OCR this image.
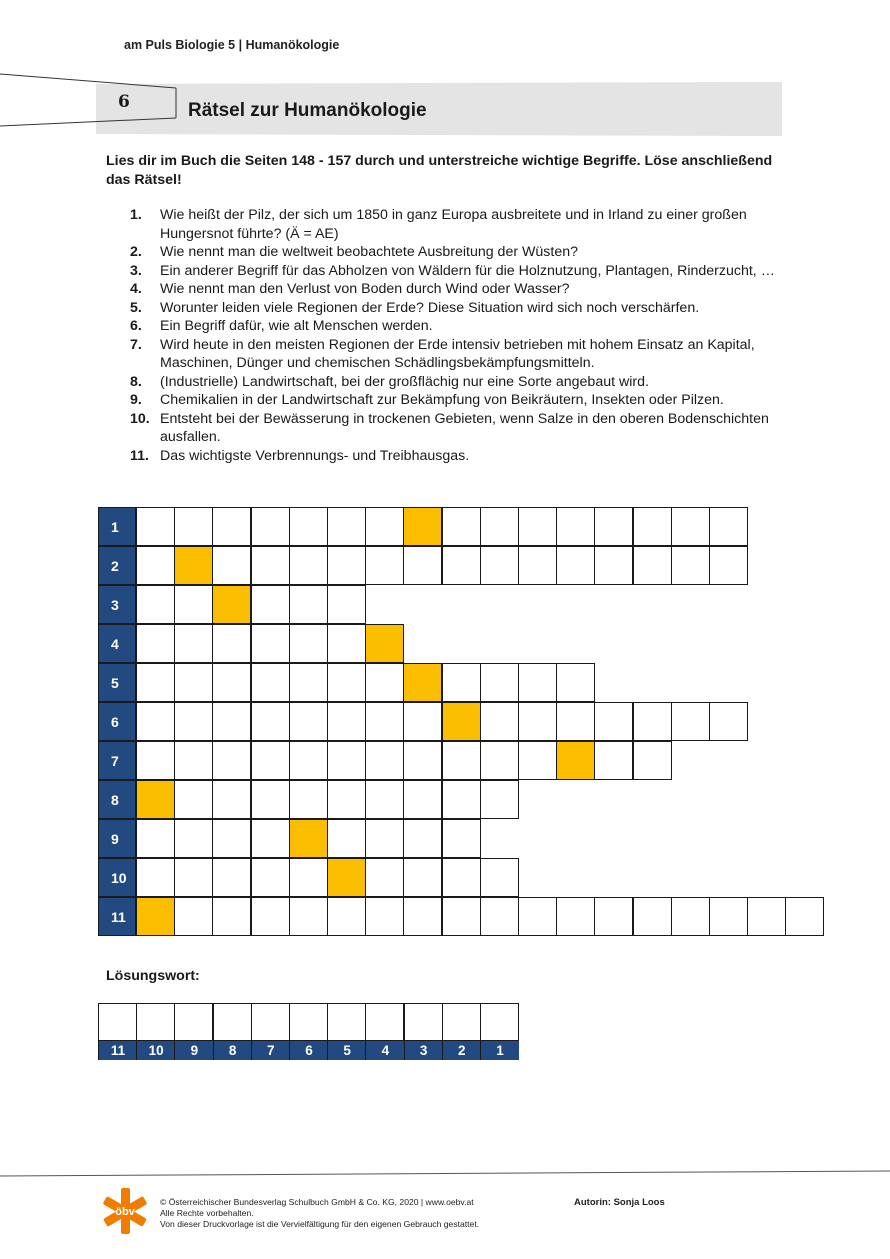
am Puls Biologie 5 | Humanökologie
6	Rätsel zur Humanökologie
Lies dir im Buch die Seiten 148 - 157 durch und unterstreiche wichtige Begriffe. Löse anschließend das Rätsel!
1. Wie heißt der Pilz, der sich um 1850 in ganz Europa ausbreitete und in Irland zu einer großen Hungersnot führte? (Ä = AE)
2. Wie nennt man die weltweit beobachtete Ausbreitung der Wüsten?
3. Ein anderer Begriff für das Abholzen von Wäldern für die Holznutzung, Plantagen, Rinderzucht, …
4. Wie nennt man den Verlust von Boden durch Wind oder Wasser?
5. Worunter leiden viele Regionen der Erde? Diese Situation wird sich noch verschärfen.
6. Ein Begriff dafür, wie alt Menschen werden.
7. Wird heute in den meisten Regionen der Erde intensiv betrieben mit hohem Einsatz an Kapital, Maschinen, Dünger und chemischen Schädlingsbekämpfungsmitteln.
8. (Industrielle) Landwirtschaft, bei der großflächig nur eine Sorte angebaut wird.
9. Chemikalien in der Landwirtschaft zur Bekämpfung von Beikräutern, Insekten oder Pilzen.
10. Entsteht bei der Bewässerung in trockenen Gebieten, wenn Salze in den oberen Bodenschichten ausfallen.
11. Das wichtigste Verbrennungs- und Treibhausgas.
1
2
3
4
5
6
7
8
9
10
11
Lösungswort:
11	10	9	8	7	6	5	4	3	2	1
öbv
© Österreichischer Bundesverlag Schulbuch GmbH & Co. KG, 2020 | www.oebv.at
Alle Rechte vorbehalten.
Von dieser Druckvorlage ist die Vervielfältigung für den eigenen Gebrauch gestattet.
Autorin: Sonja Loos
